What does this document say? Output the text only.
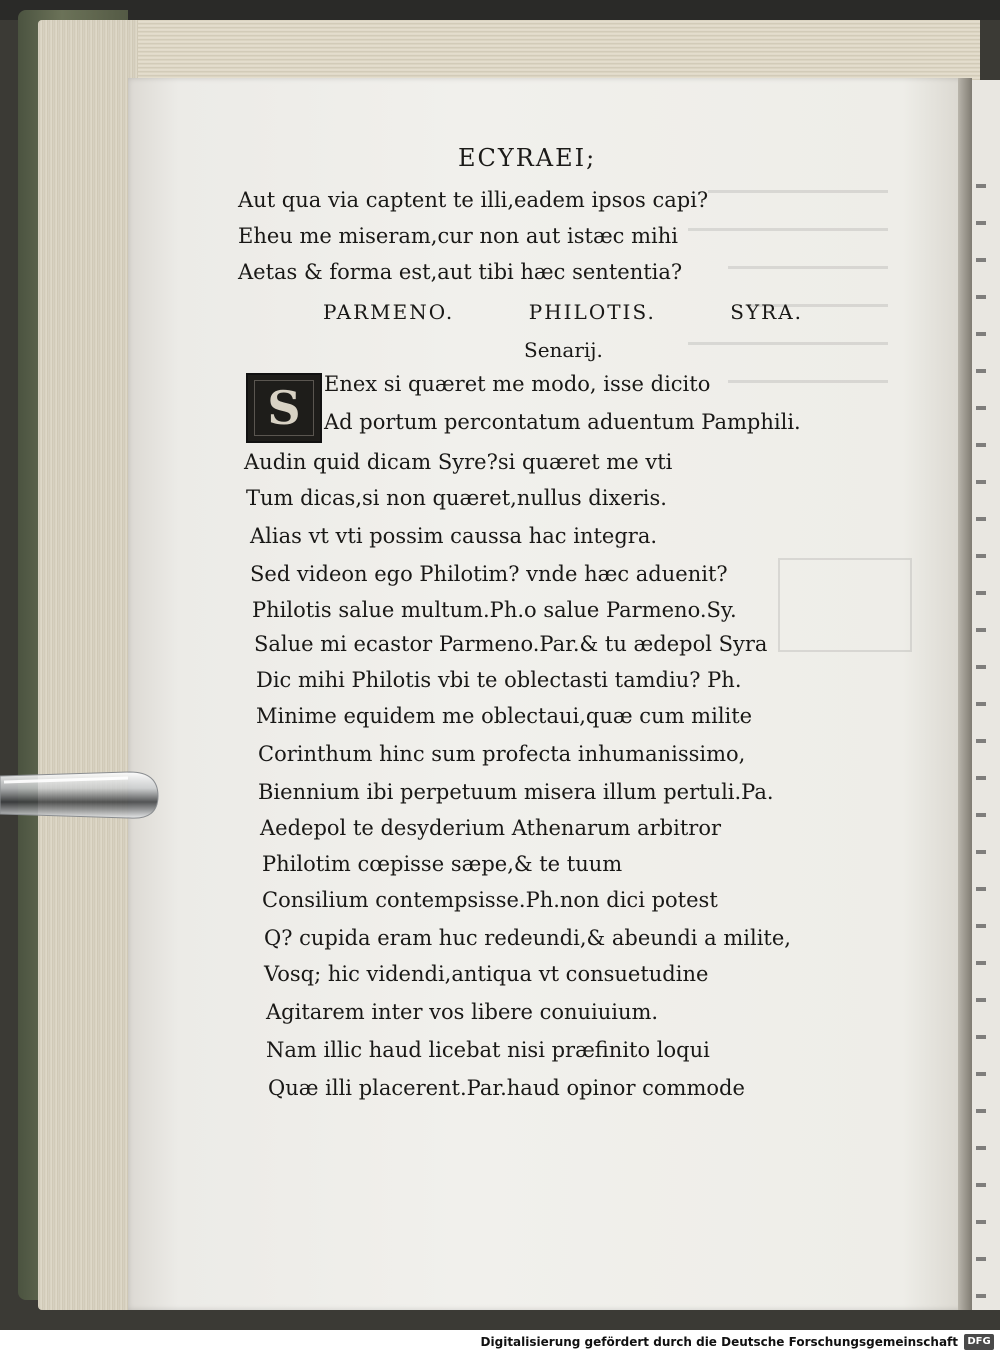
ECYRAEI;
Aut qua via captent te illi,eadem ipsos capi?
Eheu me miseram,cur non aut istæc mihi
Aetas & forma est,aut tibi hæc sententia?
PARMENO.	PHILOTIS.	SYRA.
Senarij.
S	Enex si quæret me modo, isse dicito
Ad portum percontatum aduentum Pamphili.
Audin quid dicam Syre?si quæret me vti
Tum dicas,si non quæret,nullus dixeris.
Alias vt vti possim caussa hac integra.
Sed videon ego Philotim? vnde hæc aduenit?
Philotis salue multum.Ph.o salue Parmeno.Sy.
Salue mi ecastor Parmeno.Par.& tu ædepol Syra
Dic mihi Philotis vbi te oblectasti tamdiu? Ph.
Minime equidem me oblectaui,quæ cum milite
Corinthum hinc sum profecta inhumanissimo,
Biennium ibi perpetuum misera illum pertuli.Pa.
Aedepol te desyderium Athenarum arbitror
Philotim cœpisse sæpe,& te tuum
Consilium contempsisse.Ph.non dici potest
Q? cupida eram huc redeundi,& abeundi a milite,
Vosq; hic videndi,antiqua vt consuetudine
Agitarem inter vos libere conuiuium.
Nam illic haud licebat nisi præfinito loqui
Quæ illi placerent.Par.haud opinor commode
Digitalisierung gefördert durch die Deutsche Forschungsgemeinschaft DFG
